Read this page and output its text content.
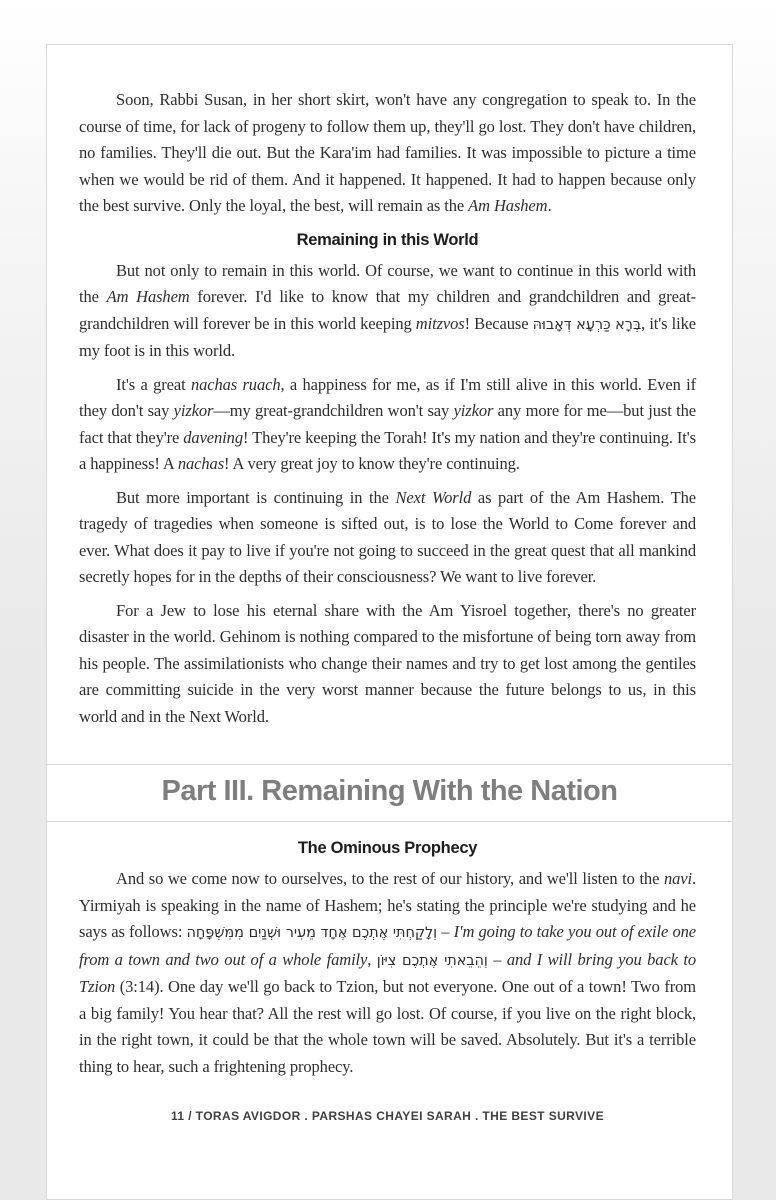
Soon, Rabbi Susan, in her short skirt, won't have any congregation to speak to. In the course of time, for lack of progeny to follow them up, they'll go lost. They don't have children, no families. They'll die out. But the Kara'im had families. It was impossible to picture a time when we would be rid of them. And it happened. It happened. It had to happen because only the best survive. Only the loyal, the best, will remain as the Am Hashem.

Remaining in this World

But not only to remain in this world. Of course, we want to continue in this world with the Am Hashem forever. I'd like to know that my children and grandchildren and great-grandchildren will forever be in this world keeping mitzvos! Because בְּרָא כַּרְעָא דְּאָבוּהּ, it's like my foot is in this world.

It's a great nachas ruach, a happiness for me, as if I'm still alive in this world. Even if they don't say yizkor—my great-grandchildren won't say yizkor any more for me—but just the fact that they're davening! They're keeping the Torah! It's my nation and they're continuing. It's a happiness! A nachas! A very great joy to know they're continuing.

But more important is continuing in the Next World as part of the Am Hashem. The tragedy of tragedies when someone is sifted out, is to lose the World to Come forever and ever. What does it pay to live if you're not going to succeed in the great quest that all mankind secretly hopes for in the depths of their consciousness? We want to live forever.

For a Jew to lose his eternal share with the Am Yisroel together, there's no greater disaster in the world. Gehinom is nothing compared to the misfortune of being torn away from his people. The assimilationists who change their names and try to get lost among the gentiles are committing suicide in the very worst manner because the future belongs to us, in this world and in the Next World.

Part III. Remaining With the Nation
The Ominous Prophecy

And so we come now to ourselves, to the rest of our history, and we'll listen to the navi. Yirmiyah is speaking in the name of Hashem; he's stating the principle we're studying and he says as follows: וְלָקַחְתִּי אֶתְכֶם אֶחָד מֵעִיר וּשְׁנַיִם מִמִּשְׁפָּחָה – I'm going to take you out of exile one from a town and two out of a whole family, וְהֵבֵאתִי אֶתְכֶם צִיּוֹן – and I will bring you back to Tzion (3:14). One day we'll go back to Tzion, but not everyone. One out of a town! Two from a big family! You hear that? All the rest will go lost. Of course, if you live on the right block, in the right town, it could be that the whole town will be saved. Absolutely. But it's a terrible thing to hear, such a frightening prophecy.

11 / TORAS AVIGDOR . PARSHAS CHAYEI SARAH . THE BEST SURVIVE
